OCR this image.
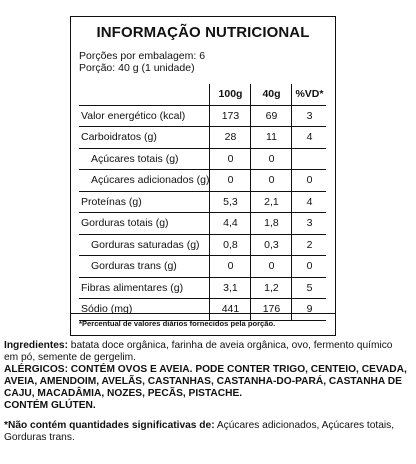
INFORMAÇÃO NUTRICIONAL
Porções por embalagem: 6
Porção: 40 g (1 unidade)
	100g	40g	%VD*
Valor energético (kcal)	173	69	3
Carboidratos (g)	28	11	4
Açúcares totais (g)	0	0	
Açúcares adicionados (g)	0	0	0
Proteínas (g)	5,3	2,1	4
Gorduras totais (g)	4,4	1,8	3
Gorduras saturadas (g)	0,8	0,3	2
Gorduras trans (g)	0	0	0
Fibras alimentares (g)	3,1	1,2	5
Sódio (mg)	441	176	9
*Percentual de valores diários fornecidos pela porção.
Ingredientes: batata doce orgânica, farinha de aveia orgânica, ovo, fermento químico em pó, semente de gergelim.
ALÉRGICOS: CONTÉM OVOS E AVEIA. PODE CONTER TRIGO, CENTEIO, CEVADA, AVEIA, AMENDOIM, AVELÃS, CASTANHAS, CASTANHA-DO-PARÁ, CASTANHA DE CAJU, MACADÂMIA, NOZES, PECÃS, PISTACHE.
CONTÉM GLÚTEN.
*Não contém quantidades significativas de: Açúcares adicionados, Açúcares totais, Gorduras trans.
